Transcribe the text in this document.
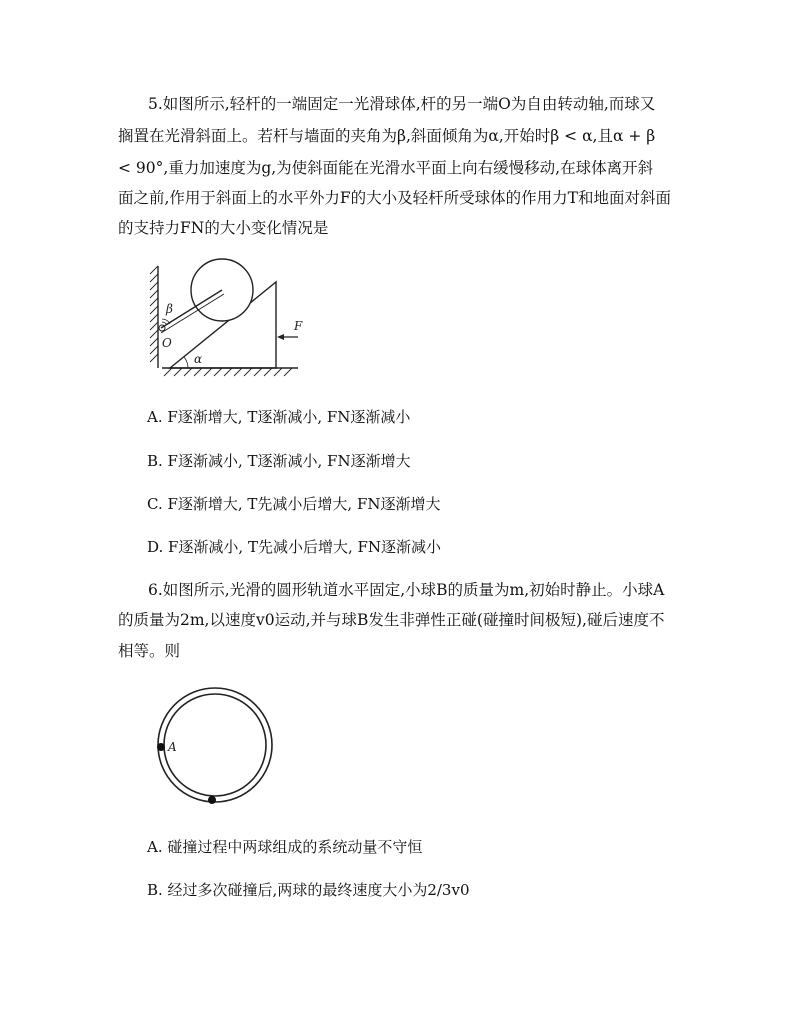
5.如图所示,轻杆的一端固定一光滑球体,杆的另一端O为自由转动轴,而球又
搁置在光滑斜面上。若杆与墙面的夹角为β,斜面倾角为α,开始时β < α,且α + β
< 90°,重力加速度为g,为使斜面能在光滑水平面上向右缓慢移动,在球体离开斜
面之前,作用于斜面上的水平外力F的大小及轻杆所受球体的作用力T和地面对斜面
的支持力FN的大小变化情况是
β
O
α
F
A. F逐渐增大, T逐渐减小, FN逐渐减小
B. F逐渐减小, T逐渐减小, FN逐渐增大
C. F逐渐增大, T先减小后增大, FN逐渐增大
D. F逐渐减小, T先减小后增大, FN逐渐减小
6.如图所示,光滑的圆形轨道水平固定,小球B的质量为m,初始时静止。小球A
的质量为2m,以速度v0运动,并与球B发生非弹性正碰(碰撞时间极短),碰后速度不
相等。则
A
A. 碰撞过程中两球组成的系统动量不守恒
B. 经过多次碰撞后,两球的最终速度大小为2/3v0
